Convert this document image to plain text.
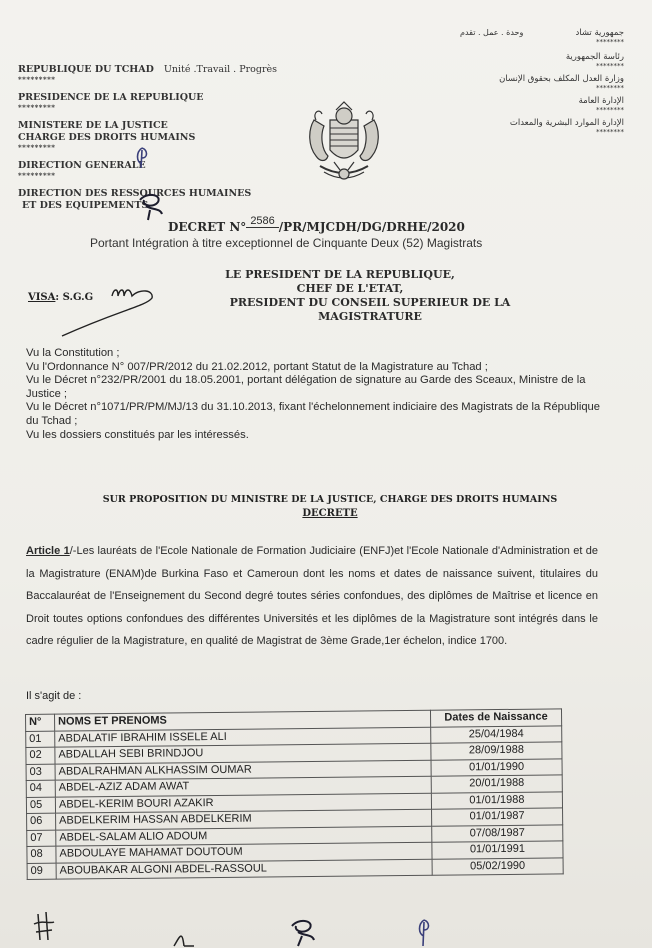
وحدة . عمل . تقدم	جمهورية تشاد
********
رئاسة الجمهورية
********
وزارة العدل المكلف بحقوق الإنسان
********
الإدارة العامة
********
الإدارة الموارد البشرية والمعدات
********
REPUBLIQUE DU TCHAD Unité .Travail . Progrès
*********
PRESIDENCE DE LA REPUBLIQUE
*********
MINISTERE DE LA JUSTICE
CHARGE DES DROITS HUMAINS
*********
DIRECTION GENERALE
*********
DIRECTION DES RESSOURCES HUMAINES
ET DES EQUIPEMENTS
DECRET N° 2586 /PR/MJCDH/DG/DRHE/2020
Portant Intégration à titre exceptionnel de Cinquante Deux (52) Magistrats
LE PRESIDENT DE LA REPUBLIQUE,
CHEF DE L'ETAT,
PRESIDENT DU CONSEIL SUPERIEUR DE LA MAGISTRATURE
VISA: S.G.G
Vu la Constitution ;
Vu l'Ordonnance N° 007/PR/2012 du 21.02.2012, portant Statut de la Magistrature au Tchad ;
Vu le Décret n°232/PR/2001 du 18.05.2001, portant délégation de signature au Garde des Sceaux, Ministre de la Justice ;
Vu le Décret n°1071/PR/PM/MJ/13 du 31.10.2013, fixant l'échelonnement indiciaire des Magistrats de la République du Tchad ;
Vu les dossiers constitués par les intéressés.
SUR PROPOSITION DU MINISTRE DE LA JUSTICE, CHARGE DES DROITS HUMAINS
DECRETE
Article 1/-Les lauréats de l'Ecole Nationale de Formation Judiciaire (ENFJ)et l'Ecole Nationale d'Administration et de la Magistrature (ENAM)de Burkina Faso et Cameroun dont les noms et dates de naissance suivent, titulaires du Baccalauréat de l'Enseignement du Second degré toutes séries confondues, des diplômes de Maîtrise et licence en Droit toutes options confondues des différentes Universités et les diplômes de la Magistrature sont intégrés dans le cadre régulier de la Magistrature, en qualité de Magistrat de 3ème Grade,1er échelon, indice 1700.
Il s'agit de :
N°	NOMS ET PRENOMS	Dates de Naissance
01	ABDALATIF IBRAHIM ISSELE ALI	25/04/1984
02	ABDALLAH SEBI BRINDJOU	28/09/1988
03	ABDALRAHMAN ALKHASSIM OUMAR	01/01/1990
04	ABDEL-AZIZ ADAM AWAT	20/01/1988
05	ABDEL-KERIM BOURI AZAKIR	01/01/1988
06	ABDELKERIM HASSAN ABDELKERIM	01/01/1987
07	ABDEL-SALAM ALIO ADOUM	07/08/1987
08	ABDOULAYE MAHAMAT DOUTOUM	01/01/1991
09	ABOUBAKAR ALGONI ABDEL-RASSOUL	05/02/1990
